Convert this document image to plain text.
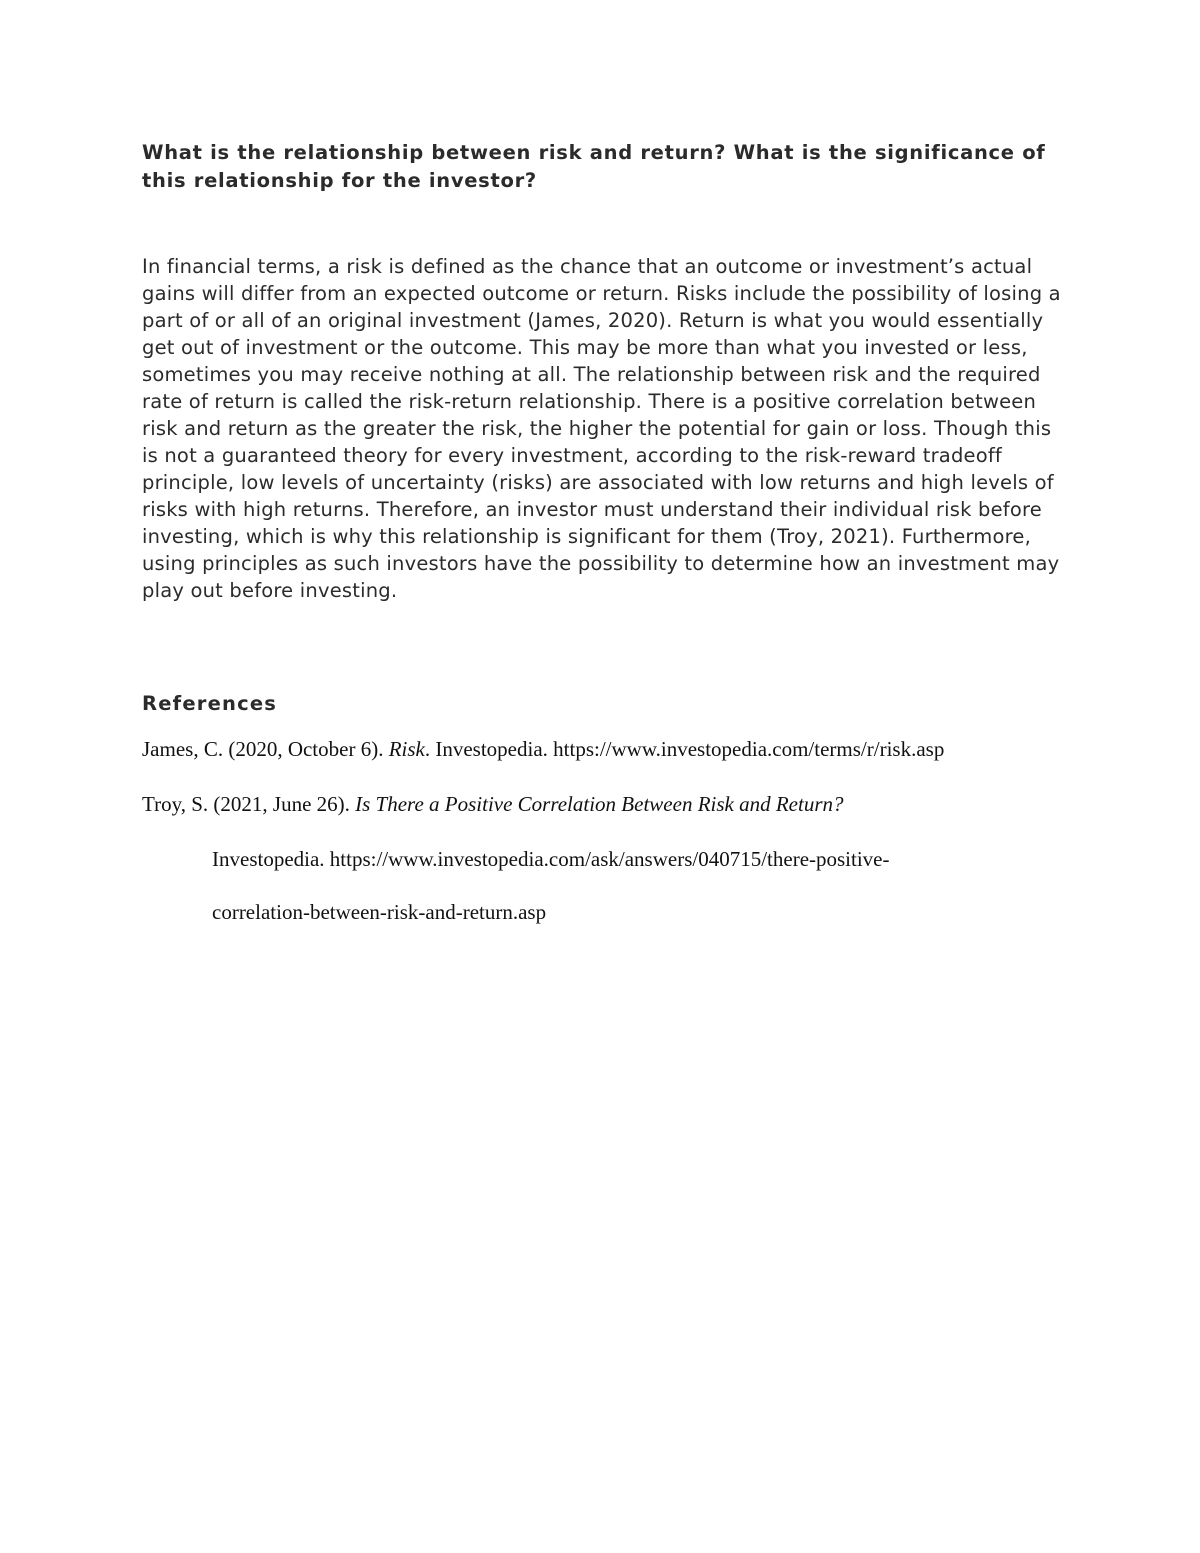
What is the relationship between risk and return? What is the significance of this relationship for the investor?

In financial terms, a risk is defined as the chance that an outcome or investment’s actual gains will differ from an expected outcome or return. Risks include the possibility of losing a part of or all of an original investment (James, 2020). Return is what you would essentially get out of investment or the outcome. This may be more than what you invested or less, sometimes you may receive nothing at all. The relationship between risk and the required rate of return is called the risk-return relationship. There is a positive correlation between risk and return as the greater the risk, the higher the potential for gain or loss. Though this is not a guaranteed theory for every investment, according to the risk-reward tradeoff principle, low levels of uncertainty (risks) are associated with low returns and high levels of risks with high returns. Therefore, an investor must understand their individual risk before investing, which is why this relationship is significant for them (Troy, 2021). Furthermore, using principles as such investors have the possibility to determine how an investment may play out before investing.

References

James, C. (2020, October 6). Risk. Investopedia. https://www.investopedia.com/terms/r/risk.asp

Troy, S. (2021, June 26). Is There a Positive Correlation Between Risk and Return?

Investopedia. https://www.investopedia.com/ask/answers/040715/there-positive-

correlation-between-risk-and-return.asp
